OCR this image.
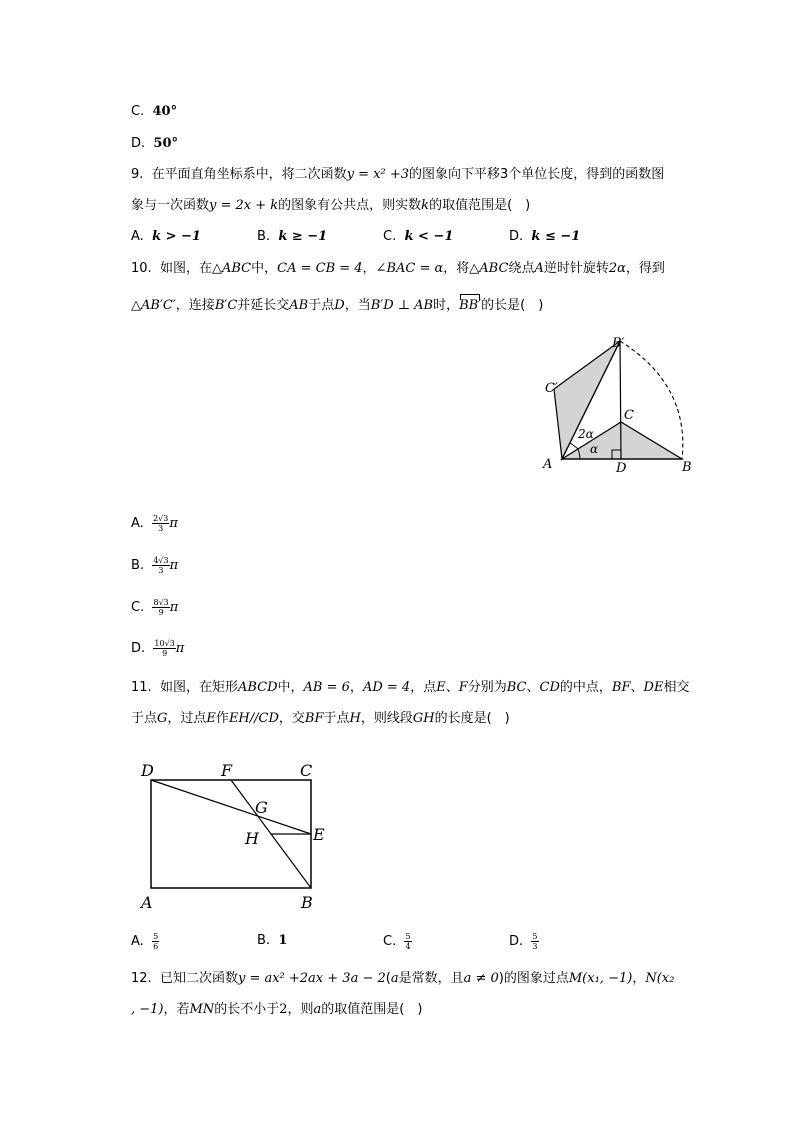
C. 40°
D. 50°
9. 在平面直角坐标系中，将二次函数y = x² +3的图象向下平移3个单位长度，得到的函数图
象与一次函数y = 2x + k的图象有公共点，则实数k的取值范围是(　)
A. k > −1	B. k ≥ −1	C. k < −1	D. k ≤ −1
10. 如图，在△ABC中，CA = CB = 4，∠BAC = α，将△ABC绕点A逆时针旋转2α，得到
△AB′C′，连接B′C并延长交AB于点D，当B′D ⊥ AB时，BB′
的长是(　)
A	B
C
D
B′
C′
2α
α
A. $\frac{2√3}{3}$ π
B. $\frac{4√3}{3}$ π
C. $\frac{8√3}{9}$ π
D. $\frac{10√3}{9}$ π
11. 如图，在矩形ABCD中，AB = 6，AD = 4，点E、F分别为BC、CD的中点，BF、DE相交
于点G，过点E作EH//CD，交BF于点H，则线段GH的长度是(　)
D	F	C
G
H	E
A	B
A. $\frac{5}{6}$	B. 1	C. $\frac{5}{4}$	D. $\frac{5}{3}$
12. 已知二次函数y = ax² +2ax + 3a − 2(a是常数，且a ≠ 0)的图象过点M(x₁, −1)，N(x₂
, −1)，若MN的长不小于2，则a的取值范围是(　)
